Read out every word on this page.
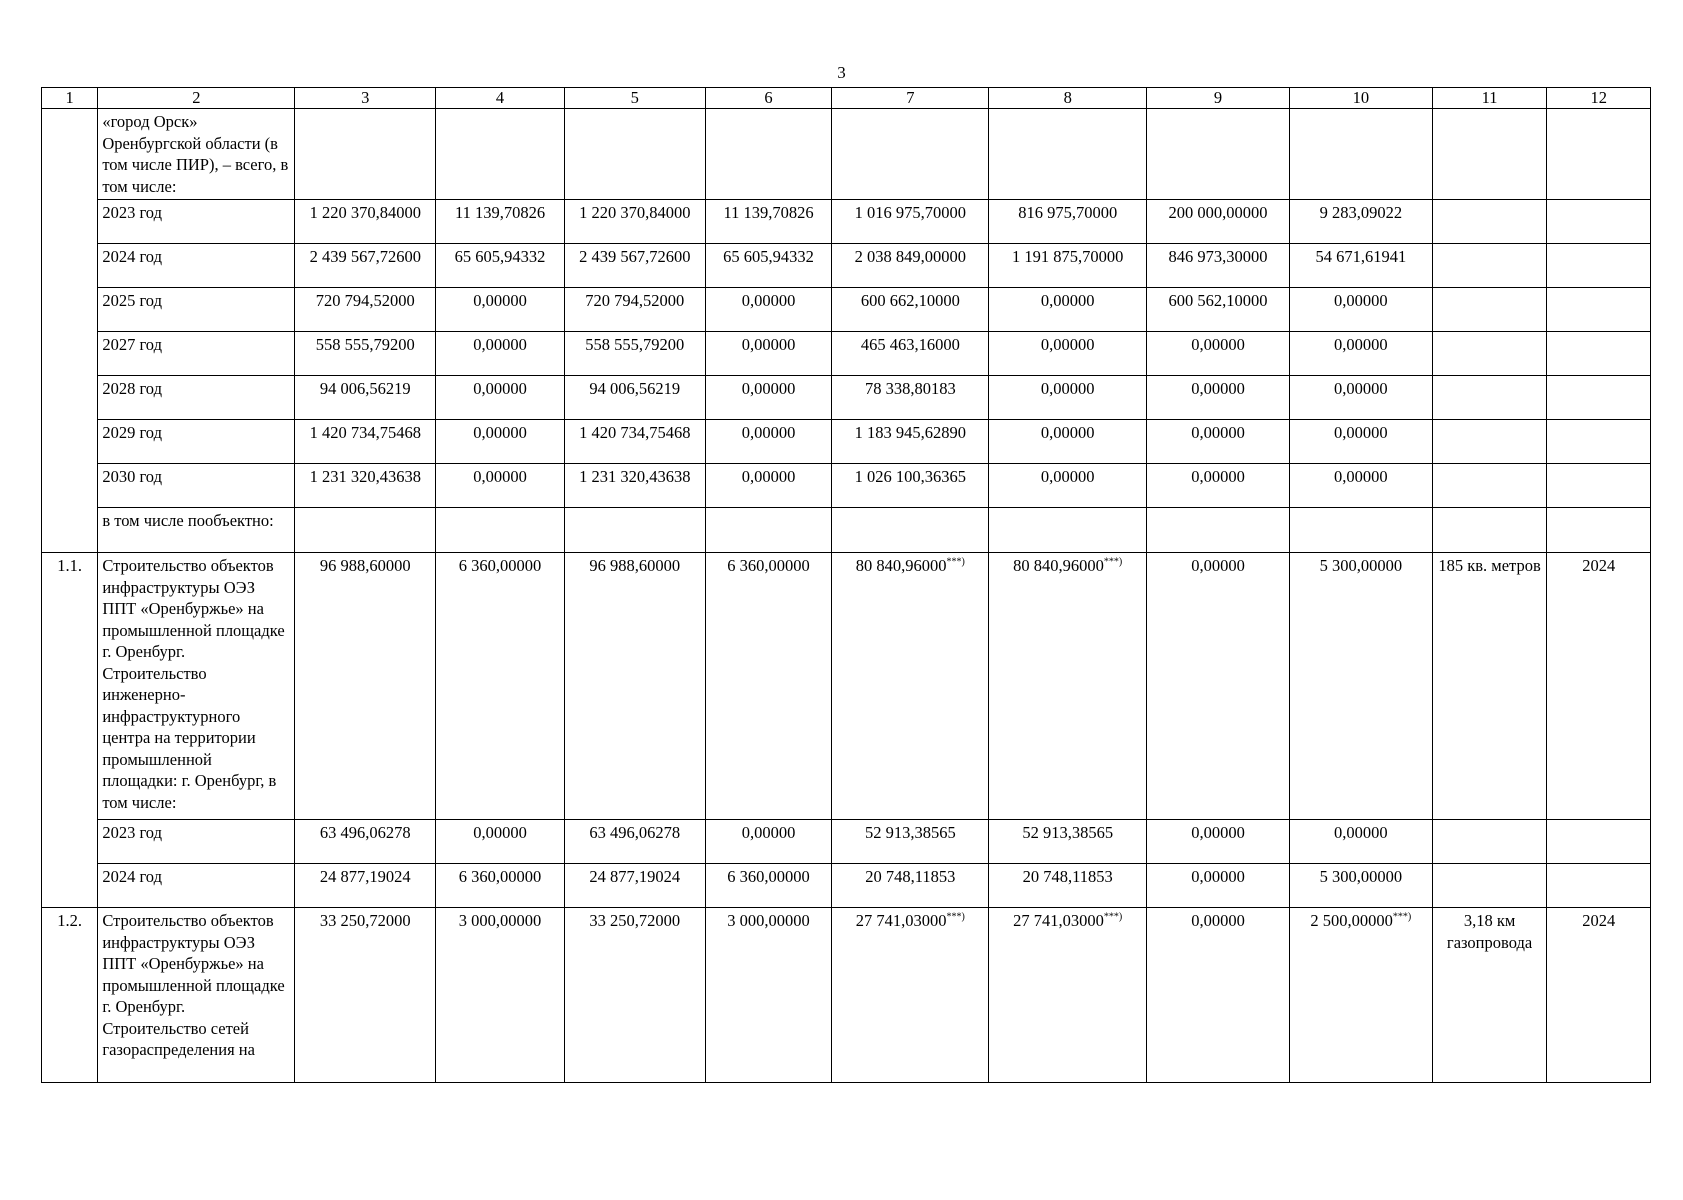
3
1	2	3	4	5	6	7	8	9	10	11	12
	«город Орск» Оренбургской области (в том числе ПИР), – всего, в том числе:										
	2023 год	1 220 370,84000	11 139,70826	1 220 370,84000	11 139,70826	1 016 975,70000	816 975,70000	200 000,00000	9 283,09022		
	2024 год	2 439 567,72600	65 605,94332	2 439 567,72600	65 605,94332	2 038 849,00000	1 191 875,70000	846 973,30000	54 671,61941		
	2025 год	720 794,52000	0,00000	720 794,52000	0,00000	600 662,10000	0,00000	600 562,10000	0,00000		
	2027 год	558 555,79200	0,00000	558 555,79200	0,00000	465 463,16000	0,00000	0,00000	0,00000		
	2028 год	94 006,56219	0,00000	94 006,56219	0,00000	78 338,80183	0,00000	0,00000	0,00000		
	2029 год	1 420 734,75468	0,00000	1 420 734,75468	0,00000	1 183 945,62890	0,00000	0,00000	0,00000		
	2030 год	1 231 320,43638	0,00000	1 231 320,43638	0,00000	1 026 100,36365	0,00000	0,00000	0,00000		
	в том числе пообъектно:										
1.1.	Строительство объектов инфраструктуры ОЭЗ ППТ «Оренбуржье» на промышленной площадке г. Оренбург. Строительство инженерно-инфраструктурного центра на территории промышленной площадки: г. Оренбург, в том числе:	96 988,60000	6 360,00000	96 988,60000	6 360,00000	80 840,96000***)	80 840,96000***)	0,00000	5 300,00000	185 кв. метров	2024
	2023 год	63 496,06278	0,00000	63 496,06278	0,00000	52 913,38565	52 913,38565	0,00000	0,00000		
	2024 год	24 877,19024	6 360,00000	24 877,19024	6 360,00000	20 748,11853	20 748,11853	0,00000	5 300,00000		
1.2.	Строительство объектов инфраструктуры ОЭЗ ППТ «Оренбуржье» на промышленной площадке г. Оренбург. Строительство сетей газораспределения на	33 250,72000	3 000,00000	33 250,72000	3 000,00000	27 741,03000***)	27 741,03000***)	0,00000	2 500,00000***)	3,18 км газопровода	2024
